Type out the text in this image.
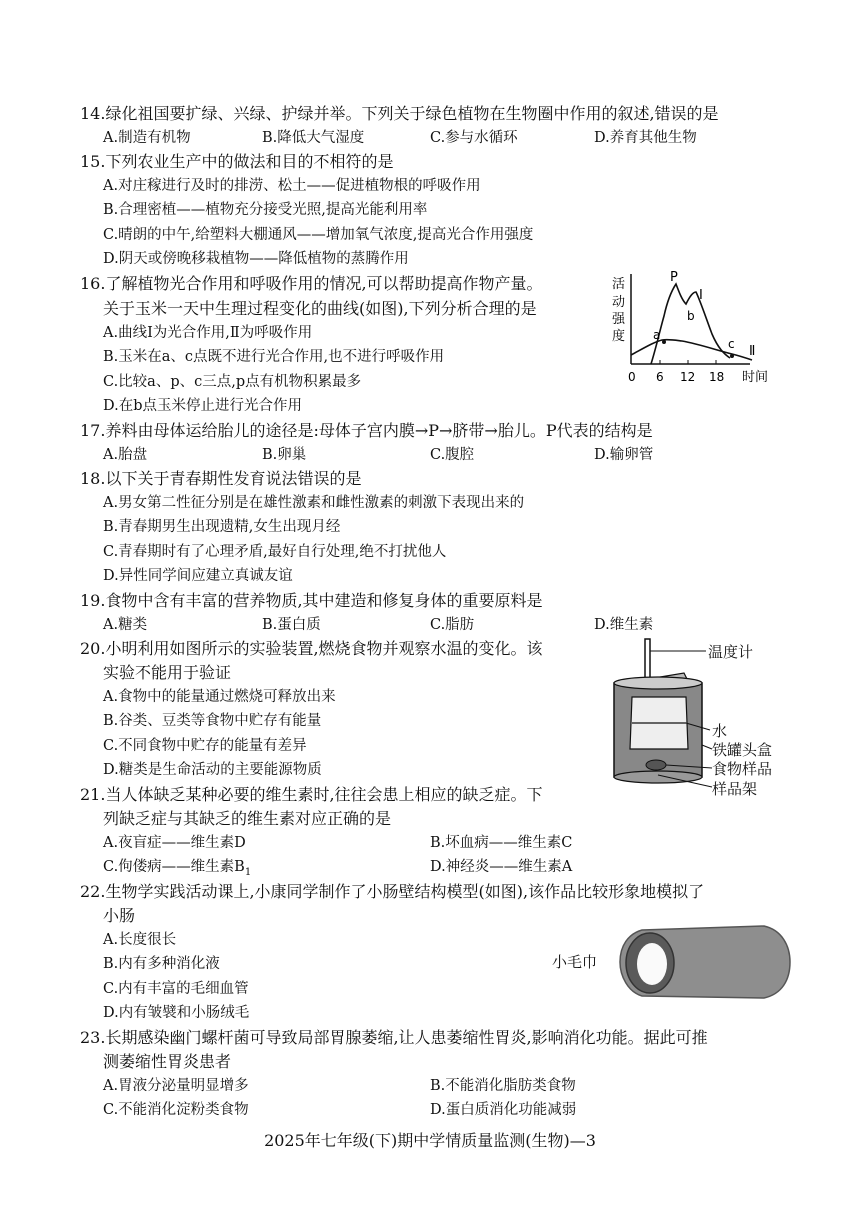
14.绿化祖国要扩绿、兴绿、护绿并举。下列关于绿色植物在生物圈中作用的叙述,错误的是
A.制造有机物	B.降低大气湿度	C.参与水循环	D.养育其他生物
15.下列农业生产中的做法和目的不相符的是
A.对庄稼进行及时的排涝、松土——促进植物根的呼吸作用
B.合理密植——植物充分接受光照,提高光能利用率
C.晴朗的中午,给塑料大棚通风——增加氧气浓度,提高光合作用强度
D.阴天或傍晚移栽植物——降低植物的蒸腾作用
16.了解植物光合作用和呼吸作用的情况,可以帮助提高作物产量。
关于玉米一天中生理过程变化的曲线(如图),下列分析合理的是
A.曲线Ⅰ为光合作用,Ⅱ为呼吸作用
B.玉米在a、c点既不进行光合作用,也不进行呼吸作用
C.比较a、p、c三点,p点有机物积累最多
D.在b点玉米停止进行光合作用
活
动
强
度
P
Ⅰ
b
a
c Ⅱ
0 6 12 18 时间
17.养料由母体运给胎儿的途径是:母体子宫内膜→P→脐带→胎儿。P代表的结构是
A.胎盘	B.卵巢	C.腹腔	D.输卵管
18.以下关于青春期性发育说法错误的是
A.男女第二性征分别是在雄性激素和雌性激素的刺激下表现出来的
B.青春期男生出现遗精,女生出现月经
C.青春期时有了心理矛盾,最好自行处理,绝不打扰他人
D.异性同学间应建立真诚友谊
19.食物中含有丰富的营养物质,其中建造和修复身体的重要原料是
A.糖类	B.蛋白质	C.脂肪	D.维生素
20.小明利用如图所示的实验装置,燃烧食物并观察水温的变化。该
实验不能用于验证
A.食物中的能量通过燃烧可释放出来
B.谷类、豆类等食物中贮存有能量
C.不同食物中贮存的能量有差异
D.糖类是生命活动的主要能源物质
温度计
水
铁罐头盒
食物样品
样品架
21.当人体缺乏某种必要的维生素时,往往会患上相应的缺乏症。下
列缺乏症与其缺乏的维生素对应正确的是
A.夜盲症——维生素D	B.坏血病——维生素C
C.佝偻病——维生素$B_1$	D.神经炎——维生素A
22.生物学实践活动课上,小康同学制作了小肠壁结构模型(如图),该作品比较形象地模拟了
小肠
A.长度很长
B.内有多种消化液
C.内有丰富的毛细血管
D.内有皱襞和小肠绒毛
小毛巾
23.长期感染幽门螺杆菌可导致局部胃腺萎缩,让人患萎缩性胃炎,影响消化功能。据此可推
测萎缩性胃炎患者
A.胃液分泌量明显增多	B.不能消化脂肪类食物
C.不能消化淀粉类食物	D.蛋白质消化功能减弱
2025年七年级(下)期中学情质量监测(生物)—3
